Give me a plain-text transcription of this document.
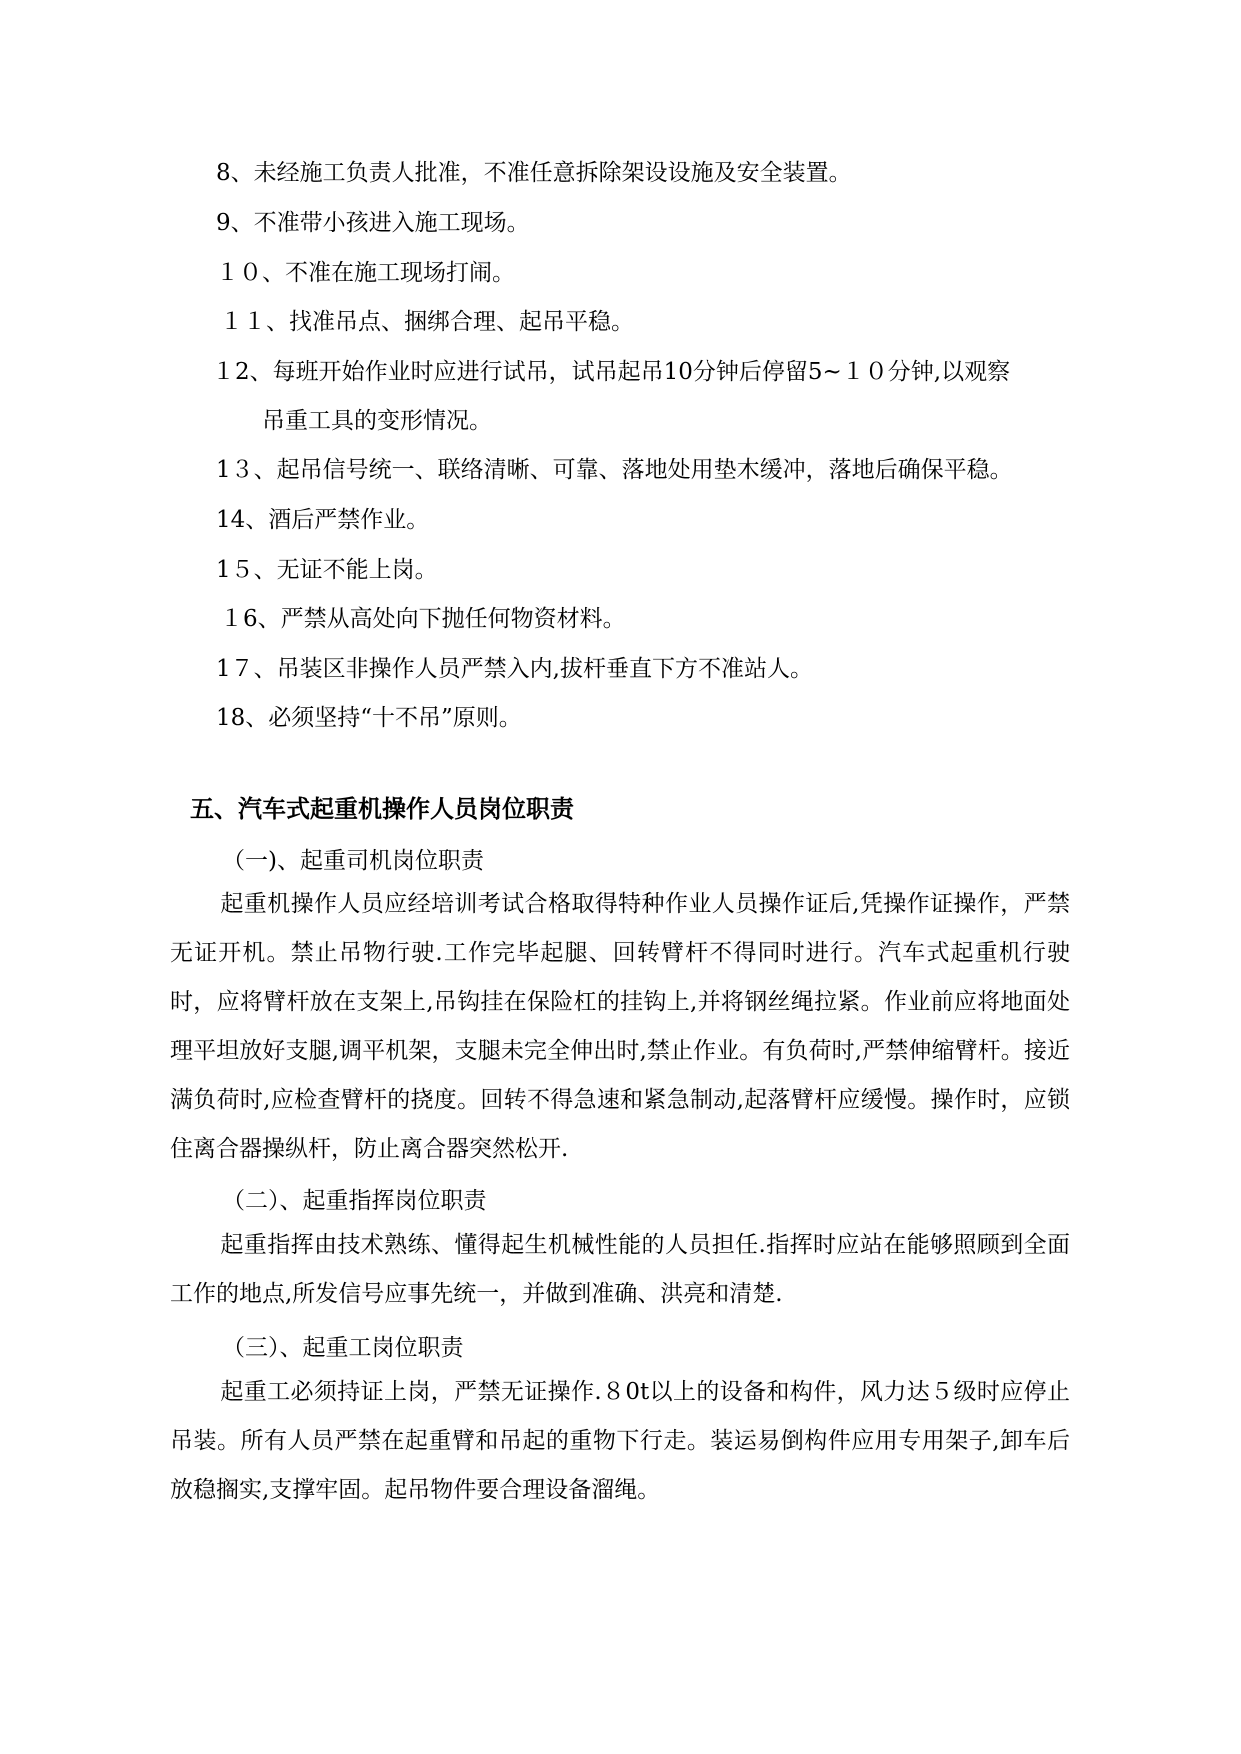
8、未经施工负责人批准，不准任意拆除架设设施及安全装置。
9、不准带小孩进入施工现场。
１０、不准在施工现场打闹。
１１、找准吊点、捆绑合理、起吊平稳。
１2、每班开始作业时应进行试吊，试吊起吊10分钟后停留5~１０分钟,以观察
吊重工具的变形情况。
1３、起吊信号统一、联络清晰、可靠、落地处用垫木缓冲，落地后确保平稳。
14、酒后严禁作业。
1５、无证不能上岗。
１6、严禁从高处向下抛任何物资材料。
1７、吊装区非操作人员严禁入内,拔杆垂直下方不准站人。
18、必须坚持“十不吊”原则。
五、汽车式起重机操作人员岗位职责
（一)、起重司机岗位职责
起重机操作人员应经培训考试合格取得特种作业人员操作证后,凭操作证操作，严禁无证开机。禁止吊物行驶.工作完毕起腿、回转臂杆不得同时进行。汽车式起重机行驶时，应将臂杆放在支架上,吊钩挂在保险杠的挂钩上,并将钢丝绳拉紧。作业前应将地面处理平坦放好支腿,调平机架，支腿未完全伸出时,禁止作业。有负荷时,严禁伸缩臂杆。接近满负荷时,应检查臂杆的挠度。回转不得急速和紧急制动,起落臂杆应缓慢。操作时，应锁住离合器操纵杆，防止离合器突然松开.
（二）、起重指挥岗位职责
起重指挥由技术熟练、懂得起生机械性能的人员担任.指挥时应站在能够照顾到全面工作的地点,所发信号应事先统一，并做到准确、洪亮和清楚.
（三）、起重工岗位职责
起重工必须持证上岗，严禁无证操作.８0t以上的设备和构件，风力达５级时应停止吊装。所有人员严禁在起重臂和吊起的重物下行走。装运易倒构件应用专用架子,卸车后放稳搁实,支撑牢固。起吊物件要合理设备溜绳。
